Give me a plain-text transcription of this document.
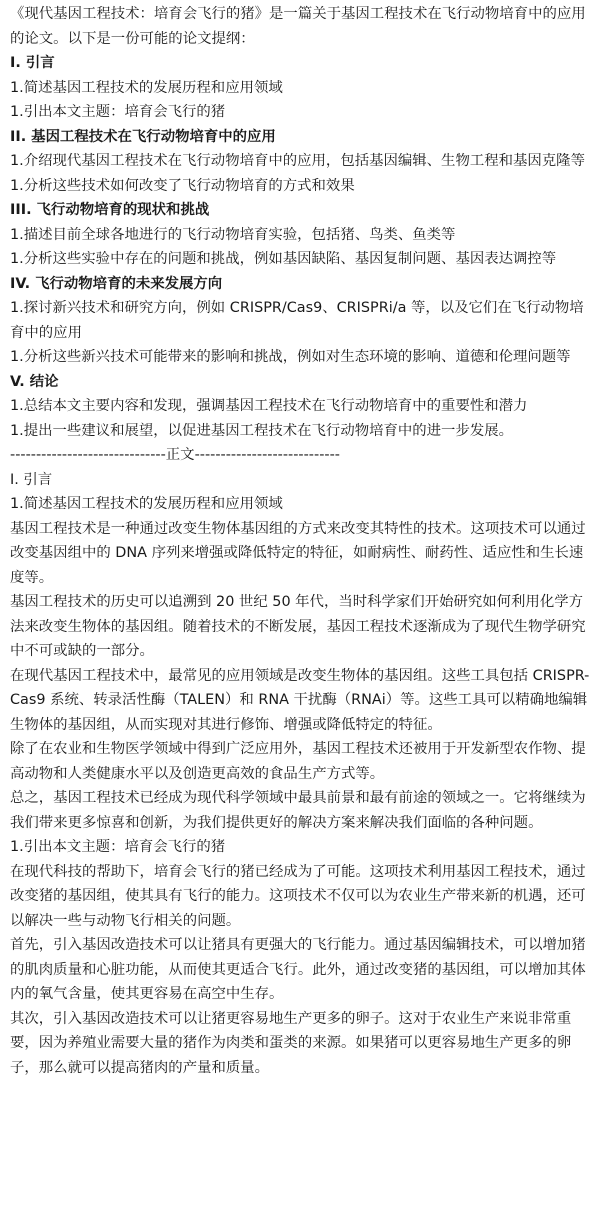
《现代基因工程技术：培育会飞行的猪》是一篇关于基因工程技术在飞行动物培育中的应用的论文。以下是一份可能的论文提纲：

I. 引言

1.简述基因工程技术的发展历程和应用领域

1.引出本文主题：培育会飞行的猪

II. 基因工程技术在飞行动物培育中的应用

1.介绍现代基因工程技术在飞行动物培育中的应用，包括基因编辑、生物工程和基因克隆等

1.分析这些技术如何改变了飞行动物培育的方式和效果

III. 飞行动物培育的现状和挑战

1.描述目前全球各地进行的飞行动物培育实验，包括猪、鸟类、鱼类等

1.分析这些实验中存在的问题和挑战，例如基因缺陷、基因复制问题、基因表达调控等

IV. 飞行动物培育的未来发展方向

1.探讨新兴技术和研究方向，例如 CRISPR/Cas9、CRISPRi/a 等，以及它们在飞行动物培育中的应用

1.分析这些新兴技术可能带来的影响和挑战，例如对生态环境的影响、道德和伦理问题等

V. 结论

1.总结本文主要内容和发现，强调基因工程技术在飞行动物培育中的重要性和潜力

1.提出一些建议和展望，以促进基因工程技术在飞行动物培育中的进一步发展。

------------------------------正文----------------------------

I. 引言

1.简述基因工程技术的发展历程和应用领域

基因工程技术是一种通过改变生物体基因组的方式来改变其特性的技术。这项技术可以通过改变基因组中的 DNA 序列来增强或降低特定的特征，如耐病性、耐药性、适应性和生长速度等。

基因工程技术的历史可以追溯到 20 世纪 50 年代，当时科学家们开始研究如何利用化学方法来改变生物体的基因组。随着技术的不断发展，基因工程技术逐渐成为了现代生物学研究中不可或缺的一部分。

在现代基因工程技术中，最常见的应用领域是改变生物体的基因组。这些工具包括 CRISPR-Cas9 系统、转录活性酶（TALEN）和 RNA 干扰酶（RNAi）等。这些工具可以精确地编辑生物体的基因组，从而实现对其进行修饰、增强或降低特定的特征。

除了在农业和生物医学领域中得到广泛应用外，基因工程技术还被用于开发新型农作物、提高动物和人类健康水平以及创造更高效的食品生产方式等。

总之，基因工程技术已经成为现代科学领域中最具前景和最有前途的领域之一。它将继续为我们带来更多惊喜和创新，为我们提供更好的解决方案来解决我们面临的各种问题。

1.引出本文主题：培育会飞行的猪

在现代科技的帮助下，培育会飞行的猪已经成为了可能。这项技术利用基因工程技术，通过改变猪的基因组，使其具有飞行的能力。这项技术不仅可以为农业生产带来新的机遇，还可以解决一些与动物飞行相关的问题。

首先，引入基因改造技术可以让猪具有更强大的飞行能力。通过基因编辑技术，可以增加猪的肌肉质量和心脏功能，从而使其更适合飞行。此外，通过改变猪的基因组，可以增加其体内的氧气含量，使其更容易在高空中生存。

其次，引入基因改造技术可以让猪更容易地生产更多的卵子。这对于农业生产来说非常重要，因为养殖业需要大量的猪作为肉类和蛋类的来源。如果猪可以更容易地生产更多的卵子，那么就可以提高猪肉的产量和质量。
